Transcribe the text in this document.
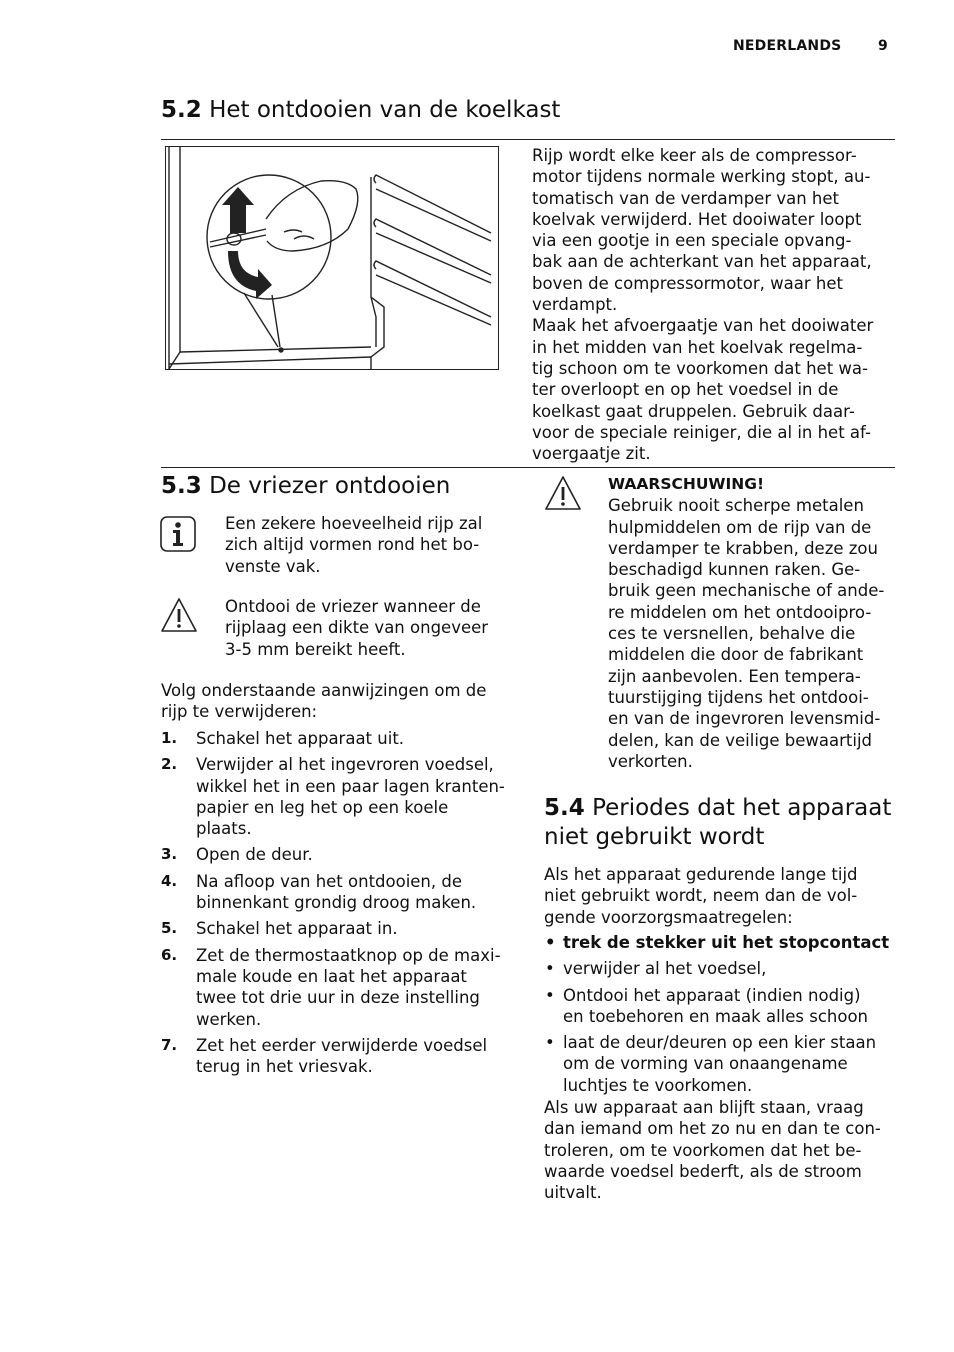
NEDERLANDS	9
5.2 Het ontdooien van de koelkast

Rijp wordt elke keer als de compressor-
motor tijdens normale werking stopt, au-
tomatisch van de verdamper van het
koelvak verwijderd. Het dooiwater loopt
via een gootje in een speciale opvang-
bak aan de achterkant van het apparaat,
boven de compressormotor, waar het
verdampt.

Maak het afvoergaatje van het dooiwater
in het midden van het koelvak regelma-
tig schoon om te voorkomen dat het wa-
ter overloopt en op het voedsel in de
koelkast gaat druppelen. Gebruik daar-
voor de speciale reiniger, die al in het af-
voergaatje zit.

5.3 De vriezer ontdooien

Een zekere hoeveelheid rijp zal
zich altijd vormen rond het bo-
venste vak.

Ontdooi de vriezer wanneer de
rijplaag een dikte van ongeveer
3-5 mm bereikt heeft.

Volg onderstaande aanwijzingen om de
rijp te verwijderen:

1. Schakel het apparaat uit.
2. Verwijder al het ingevroren voedsel,
wikkel het in een paar lagen kranten-
papier en leg het op een koele
plaats.
3. Open de deur.
4. Na afloop van het ontdooien, de
binnenkant grondig droog maken.
5. Schakel het apparaat in.
6. Zet de thermostaatknop op de maxi-
male koude en laat het apparaat
twee tot drie uur in deze instelling
werken.
7. Zet het eerder verwijderde voedsel
terug in het vriesvak.
WAARSCHUWING!

Gebruik nooit scherpe metalen
hulpmiddelen om de rijp van de
verdamper te krabben, deze zou
beschadigd kunnen raken. Ge-
bruik geen mechanische of ande-
re middelen om het ontdooipro-
ces te versnellen, behalve die
middelen die door de fabrikant
zijn aanbevolen. Een tempera-
tuurstijging tijdens het ontdooi-
en van de ingevroren levensmid-
delen, kan de veilige bewaartijd
verkorten.

5.4 Periodes dat het apparaat
niet gebruikt wordt

Als het apparaat gedurende lange tijd
niet gebruikt wordt, neem dan de vol-
gende voorzorgsmaatregelen:

• trek de stekker uit het stopcontact
• verwijder al het voedsel,
• Ontdooi het apparaat (indien nodig)
en toebehoren en maak alles schoon
• laat de deur/deuren op een kier staan
om de vorming van onaangename
luchtjes te voorkomen.

Als uw apparaat aan blijft staan, vraag
dan iemand om het zo nu en dan te con-
troleren, om te voorkomen dat het be-
waarde voedsel bederft, als de stroom
uitvalt.
